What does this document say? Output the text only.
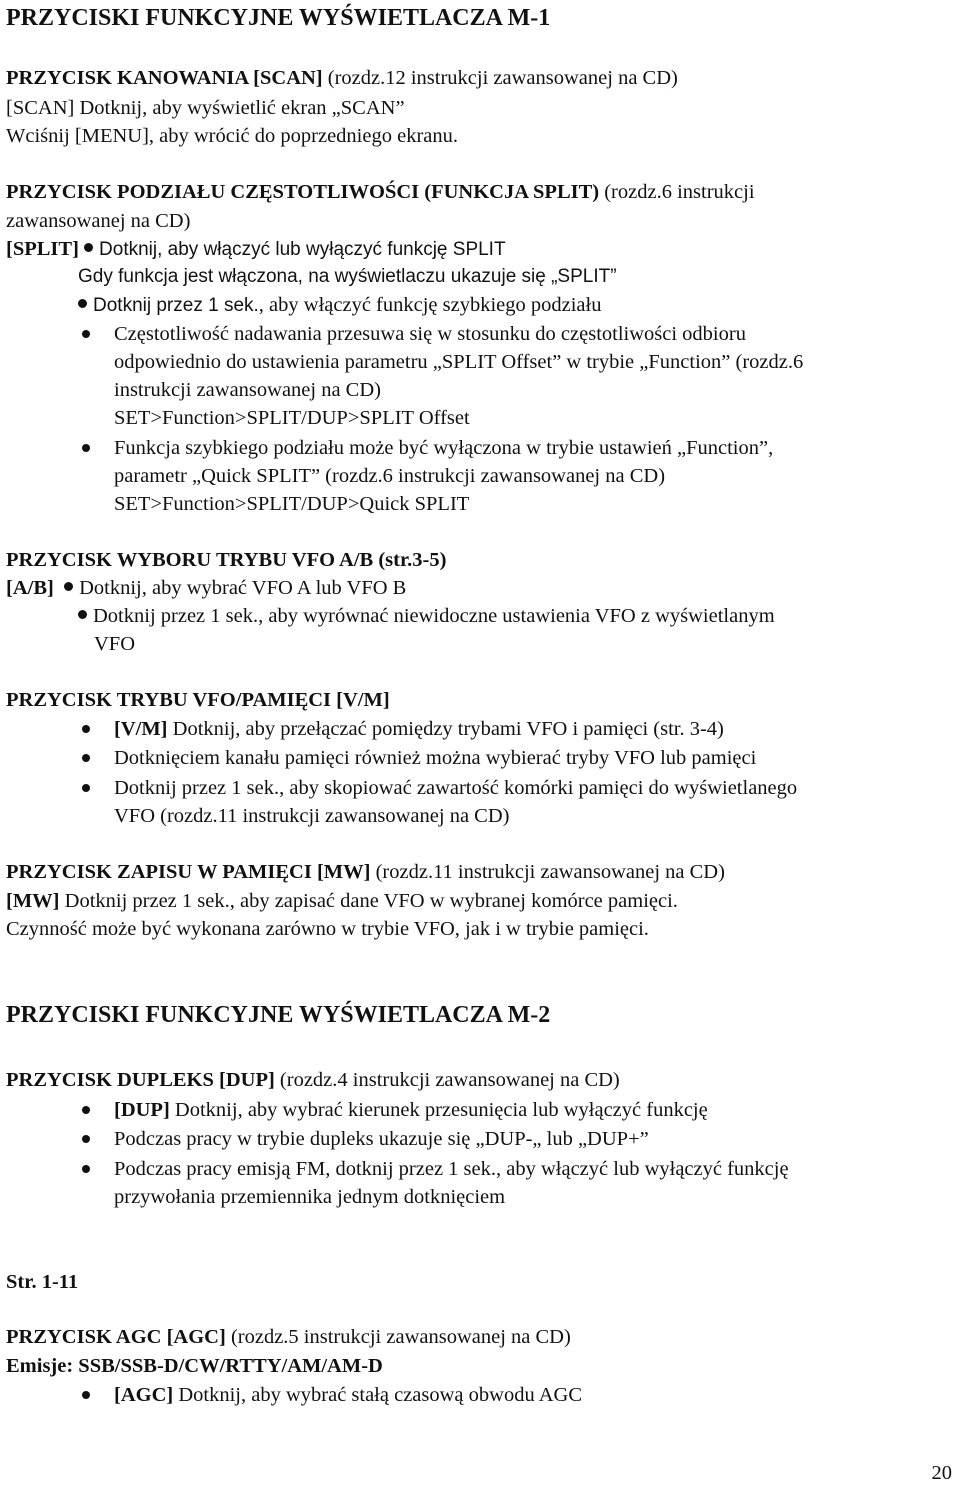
PRZYCISKI FUNKCYJNE WYŚWIETLACZA M-1
PRZYCISK KANOWANIA [SCAN] (rozdz.12 instrukcji zawansowanej na CD)
[SCAN] Dotknij, aby wyświetlić ekran „SCAN”
Wciśnij [MENU], aby wrócić do poprzedniego ekranu.
PRZYCISK PODZIAŁU CZĘSTOTLIWOŚCI (FUNKCJA SPLIT) (rozdz.6 instrukcji
zawansowanej na CD)
[SPLIT] Dotknij, aby włączyć lub wyłączyć funkcję SPLIT
Gdy funkcja jest włączona, na wyświetlaczu ukazuje się „SPLIT”
Dotknij przez 1 sek., aby włączyć funkcję szybkiego podziału
Częstotliwość nadawania przesuwa się w stosunku do częstotliwości odbioru
odpowiednio do ustawienia parametru „SPLIT Offset” w trybie „Function” (rozdz.6
instrukcji zawansowanej na CD)
SET>Function>SPLIT/DUP>SPLIT Offset
Funkcja szybkiego podziału może być wyłączona w trybie ustawień „Function”,
parametr „Quick SPLIT” (rozdz.6 instrukcji zawansowanej na CD)
SET>Function>SPLIT/DUP>Quick SPLIT
PRZYCISK WYBORU TRYBU VFO A/B (str.3-5)
[A/B] Dotknij, aby wybrać VFO A lub VFO B
Dotknij przez 1 sek., aby wyrównać niewidoczne ustawienia VFO z wyświetlanym
VFO
PRZYCISK TRYBU VFO/PAMIĘCI [V/M]
[V/M] Dotknij, aby przełączać pomiędzy trybami VFO i pamięci (str. 3-4)
Dotknięciem kanału pamięci również można wybierać tryby VFO lub pamięci
Dotknij przez 1 sek., aby skopiować zawartość komórki pamięci do wyświetlanego
VFO (rozdz.11 instrukcji zawansowanej na CD)
PRZYCISK ZAPISU W PAMIĘCI [MW] (rozdz.11 instrukcji zawansowanej na CD)
[MW] Dotknij przez 1 sek., aby zapisać dane VFO w wybranej komórce pamięci.
Czynność może być wykonana zarówno w trybie VFO, jak i w trybie pamięci.
PRZYCISKI FUNKCYJNE WYŚWIETLACZA M-2
PRZYCISK DUPLEKS [DUP] (rozdz.4 instrukcji zawansowanej na CD)
[DUP] Dotknij, aby wybrać kierunek przesunięcia lub wyłączyć funkcję
Podczas pracy w trybie dupleks ukazuje się „DUP-„ lub „DUP+”
Podczas pracy emisją FM, dotknij przez 1 sek., aby włączyć lub wyłączyć funkcję
przywołania przemiennika jednym dotknięciem
Str. 1-11
PRZYCISK AGC [AGC] (rozdz.5 instrukcji zawansowanej na CD)
Emisje: SSB/SSB-D/CW/RTTY/AM/AM-D
[AGC] Dotknij, aby wybrać stałą czasową obwodu AGC
20
